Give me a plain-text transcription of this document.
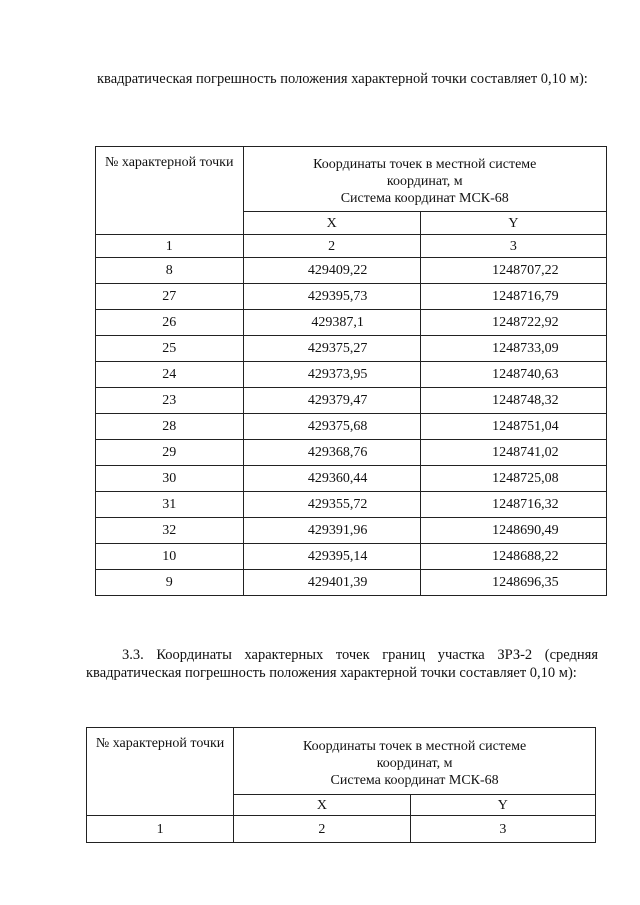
квадратическая погрешность положения характерной точки составляет 0,10 м):
№ характерной точки	Координаты точек в местной системе
координат, м
Система координат МСК-68	

	X	Y
1	2	3
8	429409,22	1248707,22
27	429395,73	1248716,79
26	429387,1	1248722,92
25	429375,27	1248733,09
24	429373,95	1248740,63
23	429379,47	1248748,32
28	429375,68	1248751,04
29	429368,76	1248741,02
30	429360,44	1248725,08
31	429355,72	1248716,32
32	429391,96	1248690,49
10	429395,14	1248688,22
9	429401,39	1248696,35
3.3. Координаты характерных точек границ участка ЗРЗ-2 (средняя квадратическая погрешность положения характерной точки составляет 0,10 м):
№ характерной точки	Координаты точек в местной системе
координат, м
Система координат МСК-68	

	X	Y
1	2	3
